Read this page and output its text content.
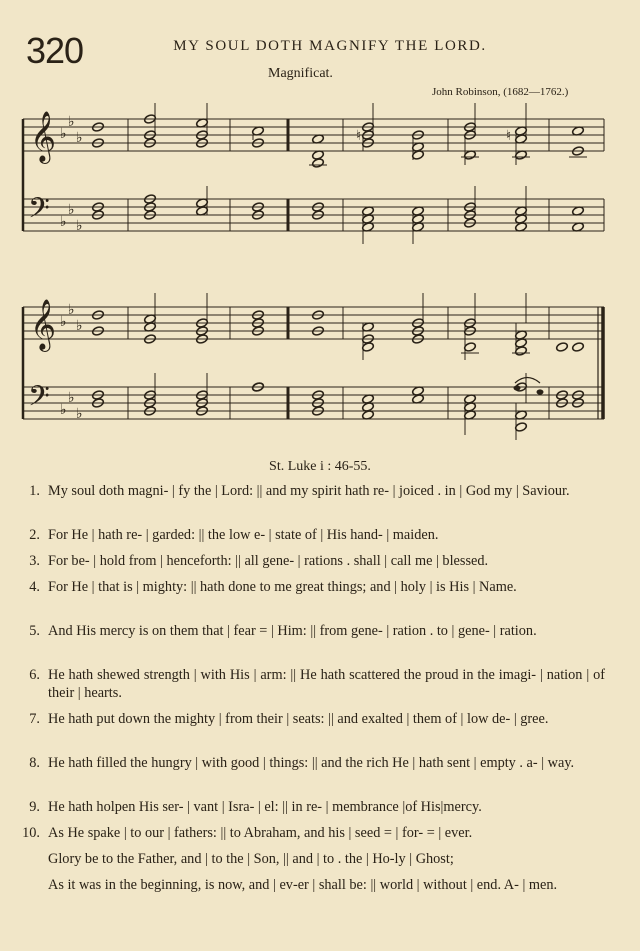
320	MY SOUL DOTH MAGNIFY THE LORD.
Magnificat.
John Robinson, (1682—1762.)
𝄞 ♭
♭
♭
𝄢 ♭
♭
♭
𝄞 ♭
♭
♭
𝄢 ♭
♭
♭
♮	♮
St. Luke i : 46-55.
1. My soul doth magni- | fy the | Lord: || and my spirit hath re- | joiced . in | God my | Saviour.
2. For He | hath re- | garded: || the low e- | state of | His hand- | maiden.
3. For be- | hold from | henceforth: || all gene- | rations . shall | call me | blessed.
4. For He | that is | mighty: || hath done to me great things; and | holy | is His | Name.
5. And His mercy is on them that | fear = | Him: || from gene- | ration . to | gene- | ration.
6. He hath shewed strength | with His | arm: || He hath scattered the proud in the imagi- | nation | of their | hearts.
7. He hath put down the mighty | from their | seats: || and exalted | them of | low de- | gree.
8. He hath filled the hungry | with good | things: || and the rich He | hath sent | empty . a- | way.
9. He hath holpen His ser- | vant | Isra- | el: || in re- | membrance |of His|mercy.
10. As He spake | to our | fathers: || to Abraham, and his | seed = | for- = | ever.
Glory be to the Father, and | to the | Son, || and | to . the | Ho-ly | Ghost;
As it was in the beginning, is now, and | ev-er | shall be: || world | without | end. A- | men.
